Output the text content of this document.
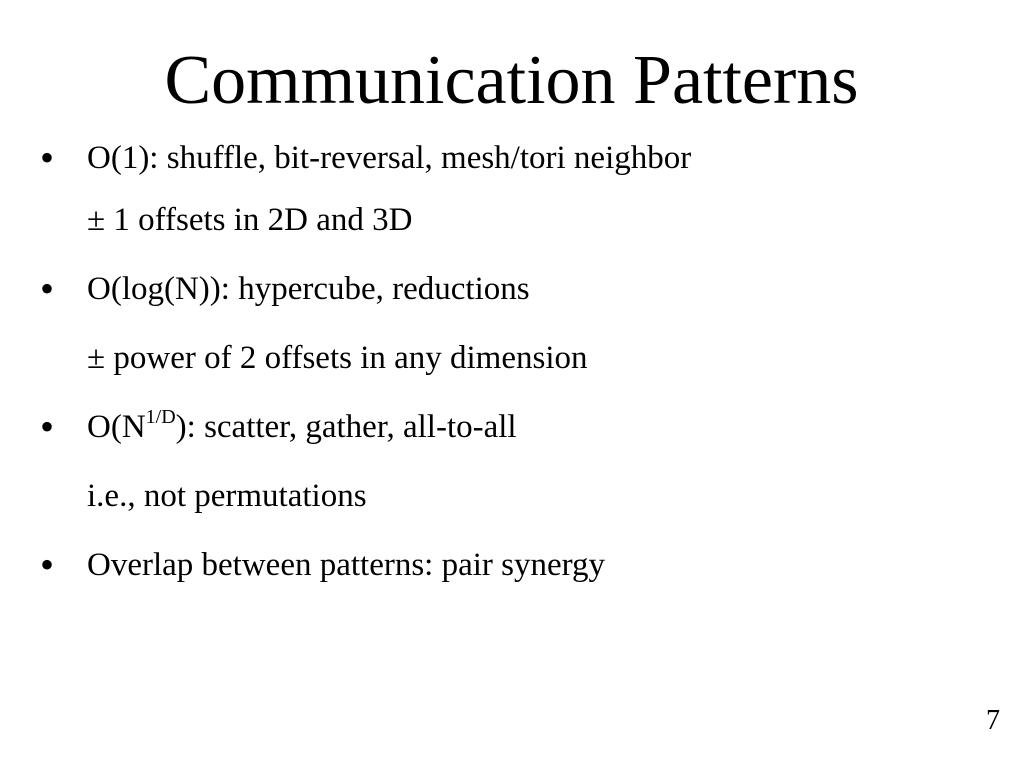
Communication Patterns
• O(1): shuffle, bit-reversal, mesh/tori neighbor
± 1 offsets in 2D and 3D
• O(log(N)): hypercube, reductions
± power of 2 offsets in any dimension
• $O(N^{1/D})$: scatter, gather, all-to-all
i.e., not permutations
• Overlap between patterns: pair synergy
7
